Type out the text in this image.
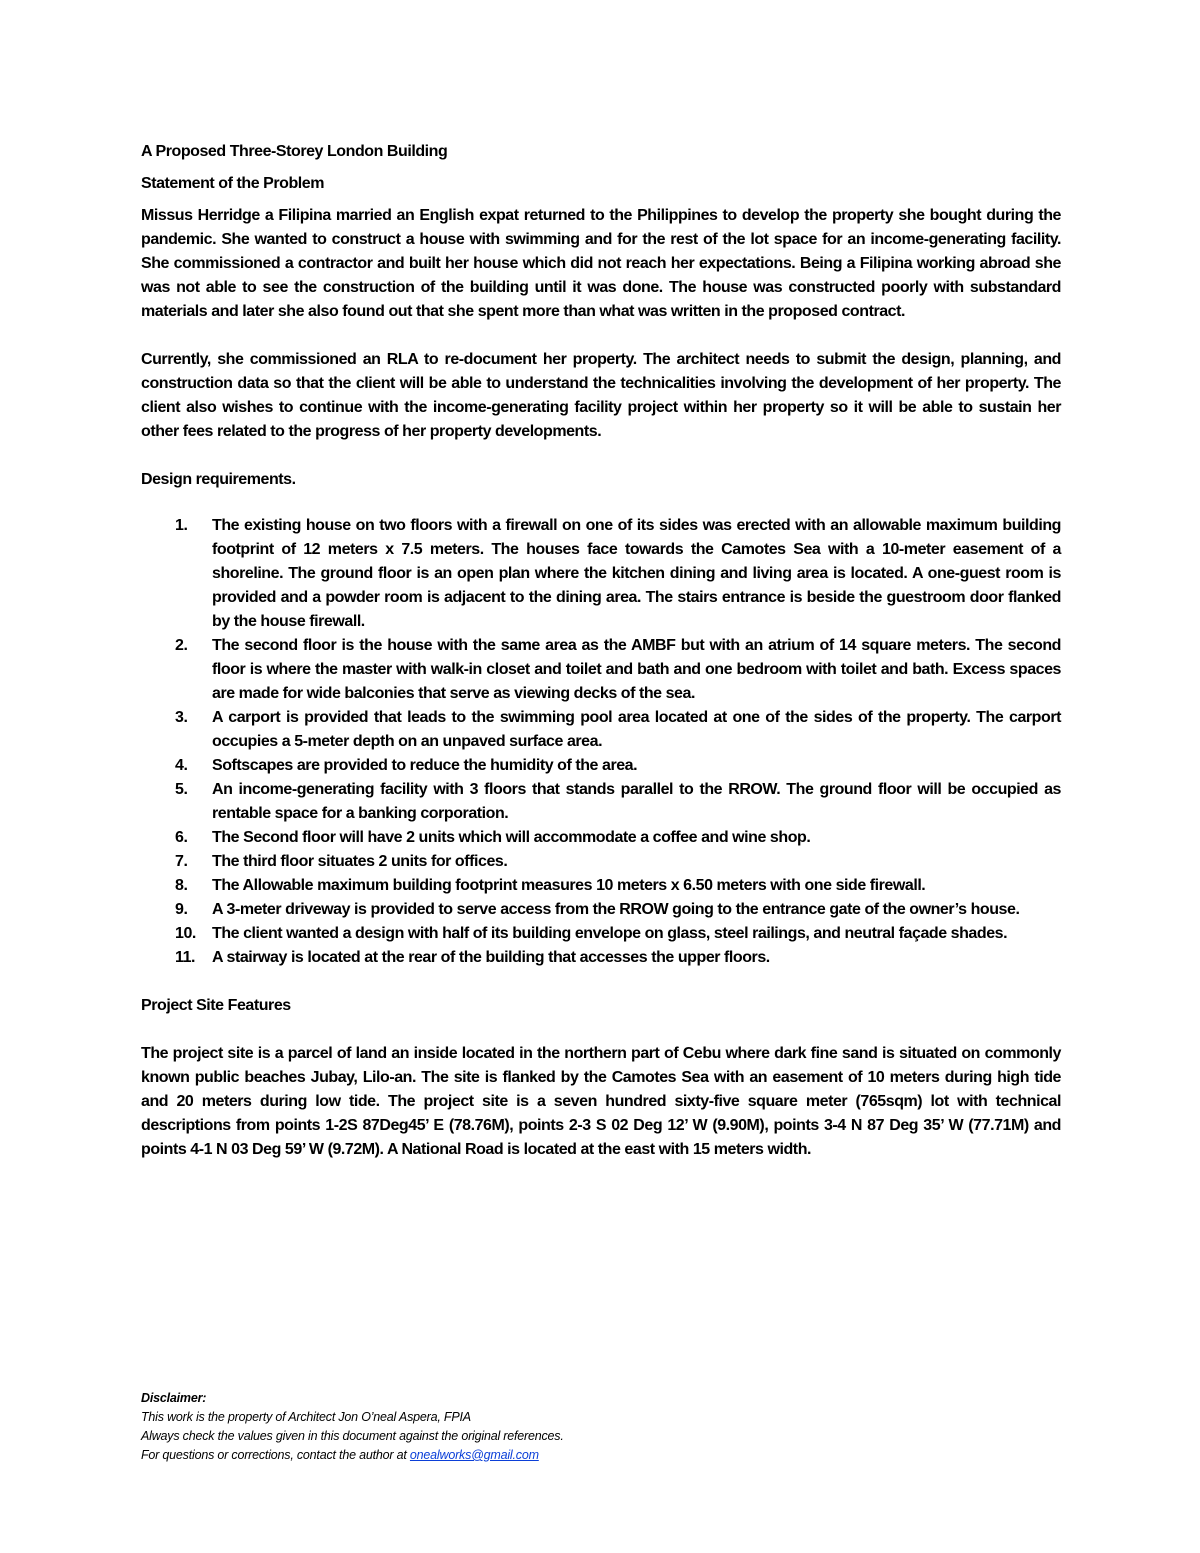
A Proposed Three-Storey London Building

Statement of the Problem

Missus Herridge a Filipina married an English expat returned to the Philippines to develop the property she bought during the pandemic. She wanted to construct a house with swimming and for the rest of the lot space for an income-generating facility. She commissioned a contractor and built her house which did not reach her expectations. Being a Filipina working abroad she was not able to see the construction of the building until it was done. The house was constructed poorly with substandard materials and later she also found out that she spent more than what was written in the proposed contract.

Currently, she commissioned an RLA to re-document her property. The architect needs to submit the design, planning, and construction data so that the client will be able to understand the technicalities involving the development of her property. The client also wishes to continue with the income-generating facility project within her property so it will be able to sustain her other fees related to the progress of her property developments.

Design requirements.

1. The existing house on two floors with a firewall on one of its sides was erected with an allowable maximum building footprint of 12 meters x 7.5 meters. The houses face towards the Camotes Sea with a 10-meter easement of a shoreline. The ground floor is an open plan where the kitchen dining and living area is located. A one-guest room is provided and a powder room is adjacent to the dining area. The stairs entrance is beside the guestroom door flanked by the house firewall.
2. The second floor is the house with the same area as the AMBF but with an atrium of 14 square meters. The second floor is where the master with walk-in closet and toilet and bath and one bedroom with toilet and bath. Excess spaces are made for wide balconies that serve as viewing decks of the sea.
3. A carport is provided that leads to the swimming pool area located at one of the sides of the property. The carport occupies a 5-meter depth on an unpaved surface area.
4. Softscapes are provided to reduce the humidity of the area.
5. An income-generating facility with 3 floors that stands parallel to the RROW. The ground floor will be occupied as rentable space for a banking corporation.
6. The Second floor will have 2 units which will accommodate a coffee and wine shop.
7. The third floor situates 2 units for offices.
8. The Allowable maximum building footprint measures 10 meters x 6.50 meters with one side firewall.
9. A 3-meter driveway is provided to serve access from the RROW going to the entrance gate of the owner’s house.
10. The client wanted a design with half of its building envelope on glass, steel railings, and neutral façade shades.
11. A stairway is located at the rear of the building that accesses the upper floors.

Project Site Features

The project site is a parcel of land an inside located in the northern part of Cebu where dark fine sand is situated on commonly known public beaches Jubay, Lilo-an. The site is flanked by the Camotes Sea with an easement of 10 meters during high tide and 20 meters during low tide. The project site is a seven hundred sixty-five square meter (765sqm) lot with technical descriptions from points 1-2S 87Deg45’ E (78.76M), points 2-3 S 02 Deg 12’ W (9.90M), points 3-4 N 87 Deg 35’ W (77.71M) and points 4-1 N 03 Deg 59’ W (9.72M). A National Road is located at the east with 15 meters width.

Disclaimer:
This work is the property of Architect Jon O’neal Aspera, FPIA
Always check the values given in this document against the original references.
For questions or corrections, contact the author at onealworks@gmail.com
